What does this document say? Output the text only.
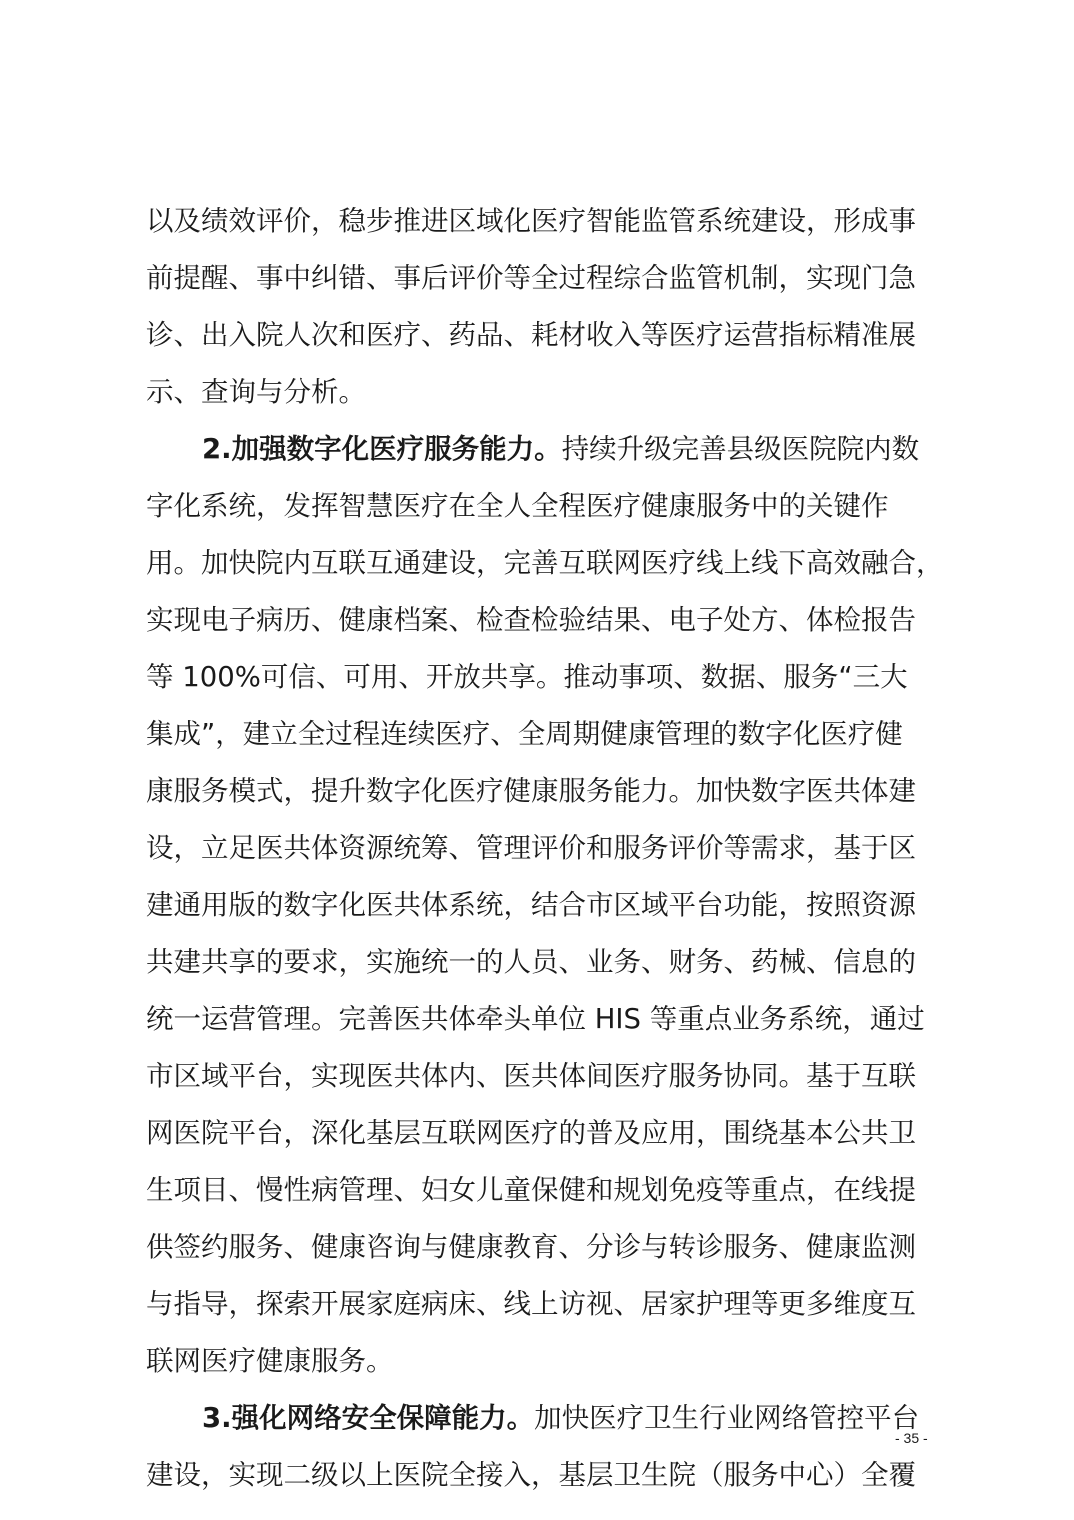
以及绩效评价，稳步推进区域化医疗智能监管系统建设，形成事
前提醒、事中纠错、事后评价等全过程综合监管机制，实现门急
诊、出入院人次和医疗、药品、耗材收入等医疗运营指标精准展
示、查询与分析。
2.加强数字化医疗服务能力。持续升级完善县级医院院内数
字化系统，发挥智慧医疗在全人全程医疗健康服务中的关键作
用。加快院内互联互通建设，完善互联网医疗线上线下高效融合，
实现电子病历、健康档案、检查检验结果、电子处方、体检报告
等 100%可信、可用、开放共享。推动事项、数据、服务“三大
集成”，建立全过程连续医疗、全周期健康管理的数字化医疗健
康服务模式，提升数字化医疗健康服务能力。加快数字医共体建
设，立足医共体资源统筹、管理评价和服务评价等需求，基于区
建通用版的数字化医共体系统，结合市区域平台功能，按照资源
共建共享的要求，实施统一的人员、业务、财务、药械、信息的
统一运营管理。完善医共体牵头单位 HIS 等重点业务系统，通过
市区域平台，实现医共体内、医共体间医疗服务协同。基于互联
网医院平台，深化基层互联网医疗的普及应用，围绕基本公共卫
生项目、慢性病管理、妇女儿童保健和规划免疫等重点，在线提
供签约服务、健康咨询与健康教育、分诊与转诊服务、健康监测
与指导，探索开展家庭病床、线上访视、居家护理等更多维度互
联网医疗健康服务。
3.强化网络安全保障能力。加快医疗卫生行业网络管控平台
建设，实现二级以上医院全接入，基层卫生院（服务中心）全覆
- 35 -
